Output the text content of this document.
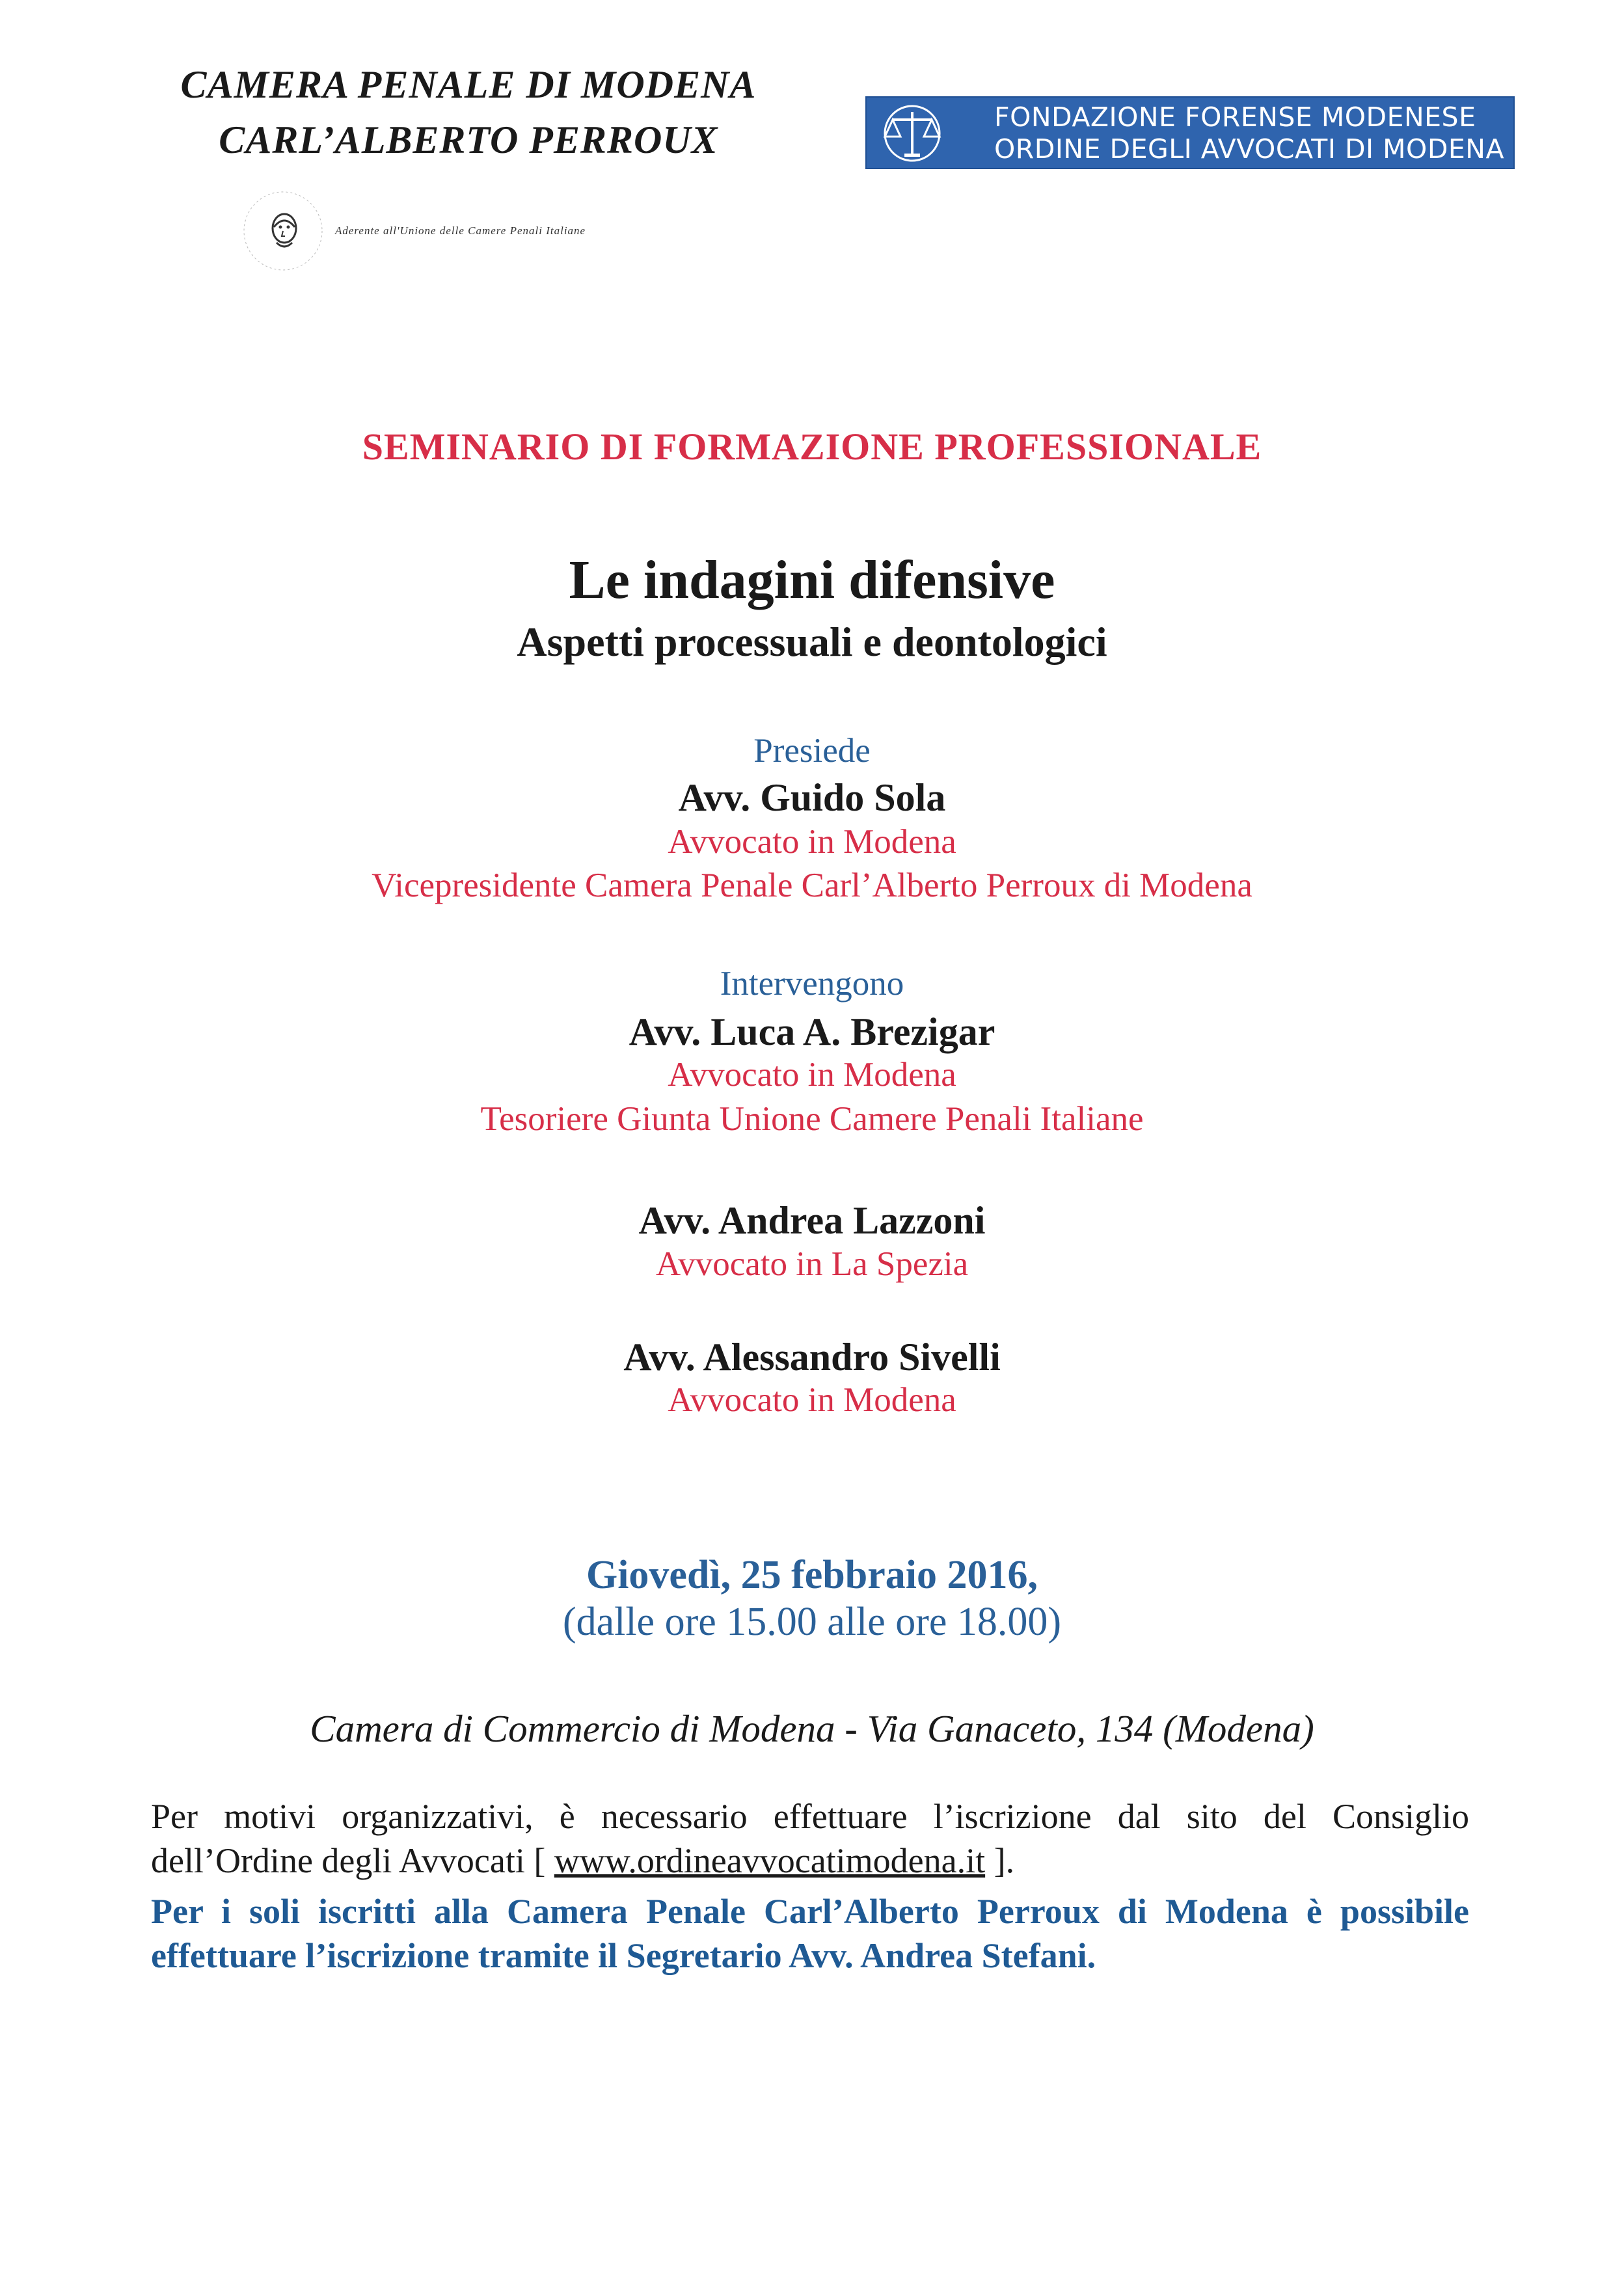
CAMERA PENALE DI MODENA
CARL’ALBERTO PERROUX
Aderente all'Unione delle Camere Penali Italiane
FONDAZIONE FORENSE MODENESE
ORDINE DEGLI AVVOCATI DI MODENA
SEMINARIO DI FORMAZIONE PROFESSIONALE
Le indagini difensive
Aspetti processuali e deontologici
Presiede
Avv. Guido Sola
Avvocato in Modena
Vicepresidente Camera Penale Carl’Alberto Perroux di Modena
Intervengono
Avv. Luca A. Brezigar
Avvocato in Modena
Tesoriere Giunta Unione Camere Penali Italiane
Avv. Andrea Lazzoni
Avvocato in La Spezia
Avv. Alessandro Sivelli
Avvocato in Modena
Giovedì, 25 febbraio 2016,
(dalle ore 15.00 alle ore 18.00)
Camera di Commercio di Modena - Via Ganaceto, 134 (Modena)
Per motivi organizzativi, è necessario effettuare l’iscrizione dal sito del Consiglio
dell’Ordine degli Avvocati [ www.ordineavvocatimodena.it ].
Per i soli iscritti alla Camera Penale Carl’Alberto Perroux di Modena è possibile
effettuare l’iscrizione tramite il Segretario Avv. Andrea Stefani.
